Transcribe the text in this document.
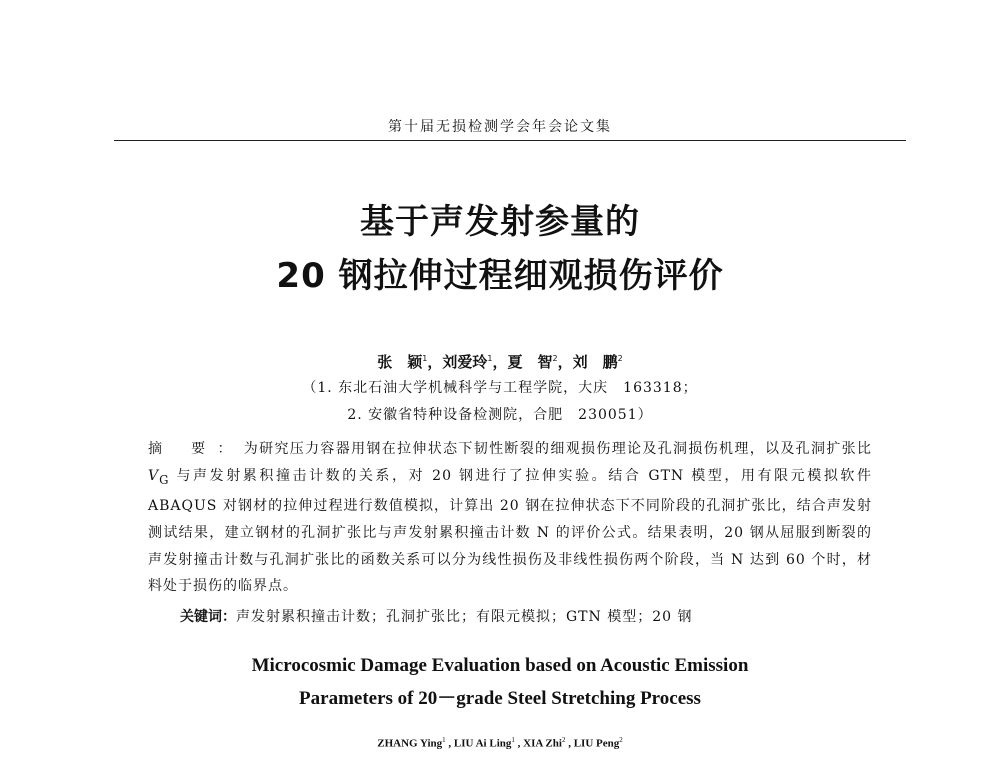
第十届无损检测学会年会论文集
基于声发射参量的
20 钢拉伸过程细观损伤评价
张　颖$^1$，刘爱玲$^1$，夏　智$^2$，刘　鹏$^2$
（1. 东北石油大学机械科学与工程学院，大庆　163318；
2. 安徽省特种设备检测院，合肥　230051）
摘 要：为研究压力容器用钢在拉伸状态下韧性断裂的细观损伤理论及孔洞损伤机理，以及孔洞扩张比 $V_G$ 与声发射累积撞击计数的关系，对 20 钢进行了拉伸实验。结合 GTN 模型，用有限元模拟软件 ABAQUS 对钢材的拉伸过程进行数值模拟，计算出 20 钢在拉伸状态下不同阶段的孔洞扩张比，结合声发射测试结果，建立钢材的孔洞扩张比与声发射累积撞击计数 N 的评价公式。结果表明，20 钢从屈服到断裂的声发射撞击计数与孔洞扩张比的函数关系可以分为线性损伤及非线性损伤两个阶段，当 N 达到 60 个时，材料处于损伤的临界点。
关键词：声发射累积撞击计数；孔洞扩张比；有限元模拟；GTN 模型；20 钢
Microcosmic Damage Evaluation based on Acoustic Emission
Parameters of 20－grade Steel Stretching Process
ZHANG Ying$^1$ , LIU Ai Ling$^1$ , XIA Zhi$^2$ , LIU Peng$^2$
